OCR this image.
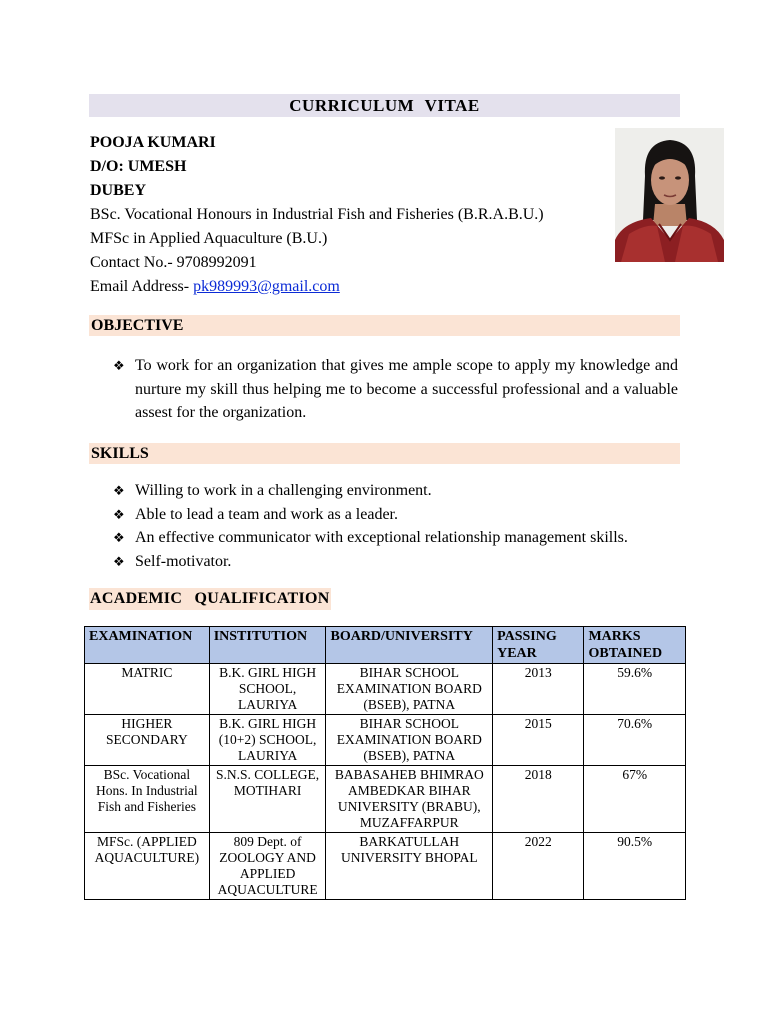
CURRICULUM VITAE
POOJA KUMARI
D/O: UMESH
DUBEY
BSc. Vocational Honours in Industrial Fish and Fisheries (B.R.A.B.U.)
MFSc in Applied Aquaculture (B.U.)
Contact No.- 9708992091
Email Address- pk989993@gmail.com
OBJECTIVE
❖ To work for an organization that gives me ample scope to apply my knowledge and nurture my skill thus helping me to become a successful professional and a valuable assest for the organization.
SKILLS
❖ Willing to work in a challenging environment.
❖ Able to lead a team and work as a leader.
❖ An effective communicator with exceptional relationship management skills.
❖ Self-motivator.
ACADEMIC QUALIFICATION
EXAMINATION	INSTITUTION	BOARD/UNIVERSITY	PASSING YEAR	MARKS OBTAINED
MATRIC	B.K. GIRL HIGH SCHOOL, LAURIYA	BIHAR SCHOOL EXAMINATION BOARD (BSEB), PATNA	2013	59.6%
HIGHER SECONDARY	B.K. GIRL HIGH (10+2) SCHOOL, LAURIYA	BIHAR SCHOOL EXAMINATION BOARD (BSEB), PATNA	2015	70.6%
BSc. Vocational Hons. In Industrial Fish and Fisheries	S.N.S. COLLEGE, MOTIHARI	BABASAHEB BHIMRAO AMBEDKAR BIHAR UNIVERSITY (BRABU), MUZAFFARPUR	2018	67%
MFSc. (APPLIED AQUACULTURE)	809 Dept. of ZOOLOGY AND APPLIED AQUACULTURE	BARKATULLAH UNIVERSITY BHOPAL	2022	90.5%
